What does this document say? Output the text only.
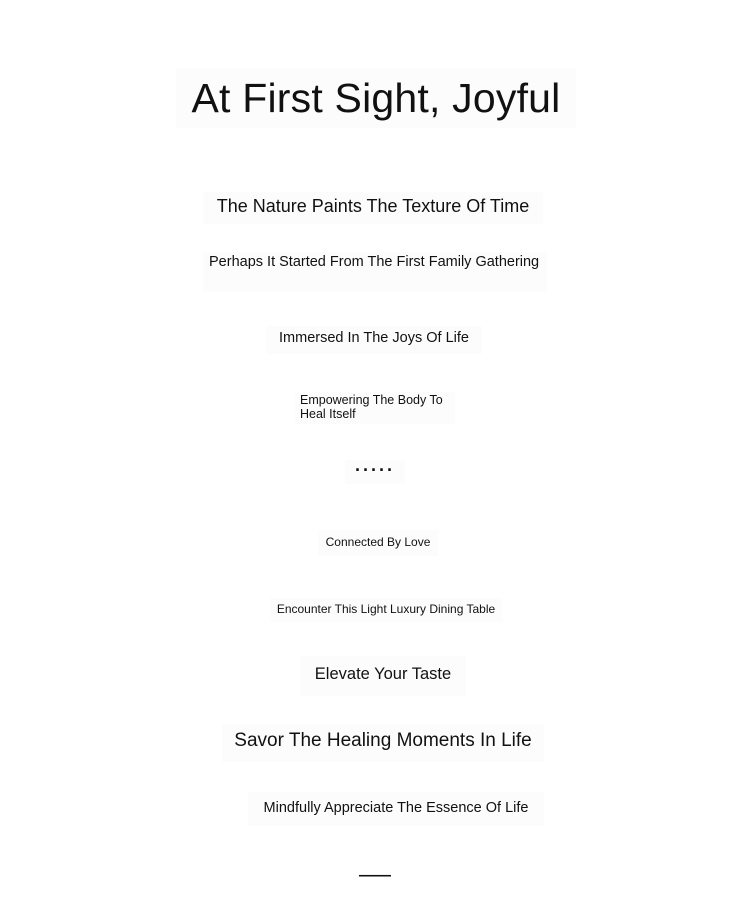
At First Sight, Joyful
The Nature Paints The Texture Of Time
Perhaps It Started From The First Family Gathering
Immersed In The Joys Of Life
Empowering The Body To Heal Itself
·····
Connected By Love
Encounter This Light Luxury Dining Table
Elevate Your Taste
Savor The Healing Moments In Life
Mindfully Appreciate The Essence Of Life
——
